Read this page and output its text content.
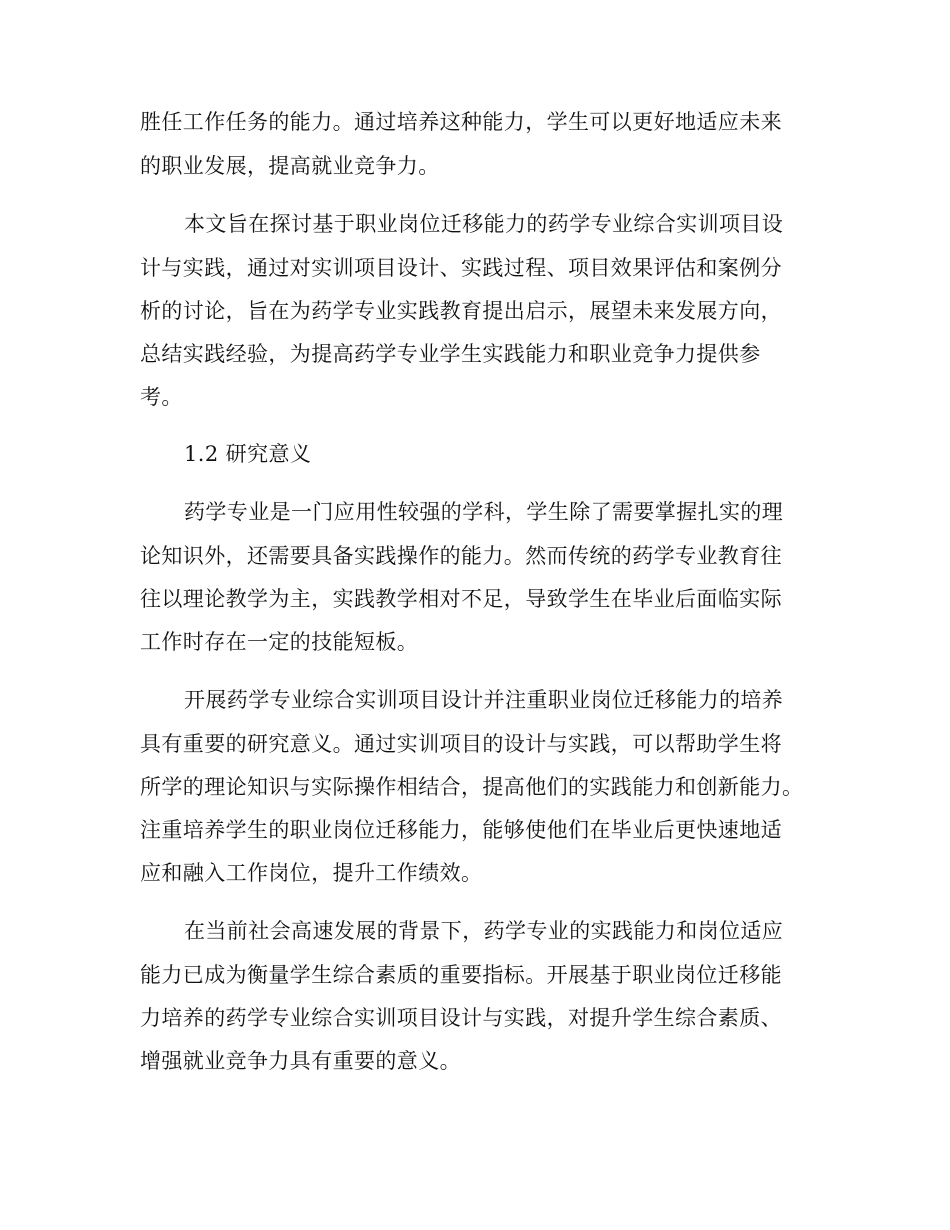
胜任工作任务的能力。通过培养这种能力，学生可以更好地适应未来
的职业发展，提高就业竞争力。
本文旨在探讨基于职业岗位迁移能力的药学专业综合实训项目设
计与实践，通过对实训项目设计、实践过程、项目效果评估和案例分
析的讨论，旨在为药学专业实践教育提出启示，展望未来发展方向，
总结实践经验，为提高药学专业学生实践能力和职业竞争力提供参
考。
1.2 研究意义
药学专业是一门应用性较强的学科，学生除了需要掌握扎实的理
论知识外，还需要具备实践操作的能力。然而传统的药学专业教育往
往以理论教学为主，实践教学相对不足，导致学生在毕业后面临实际
工作时存在一定的技能短板。
开展药学专业综合实训项目设计并注重职业岗位迁移能力的培养
具有重要的研究意义。通过实训项目的设计与实践，可以帮助学生将
所学的理论知识与实际操作相结合，提高他们的实践能力和创新能力。
注重培养学生的职业岗位迁移能力，能够使他们在毕业后更快速地适
应和融入工作岗位，提升工作绩效。
在当前社会高速发展的背景下，药学专业的实践能力和岗位适应
能力已成为衡量学生综合素质的重要指标。开展基于职业岗位迁移能
力培养的药学专业综合实训项目设计与实践，对提升学生综合素质、
增强就业竞争力具有重要的意义。
